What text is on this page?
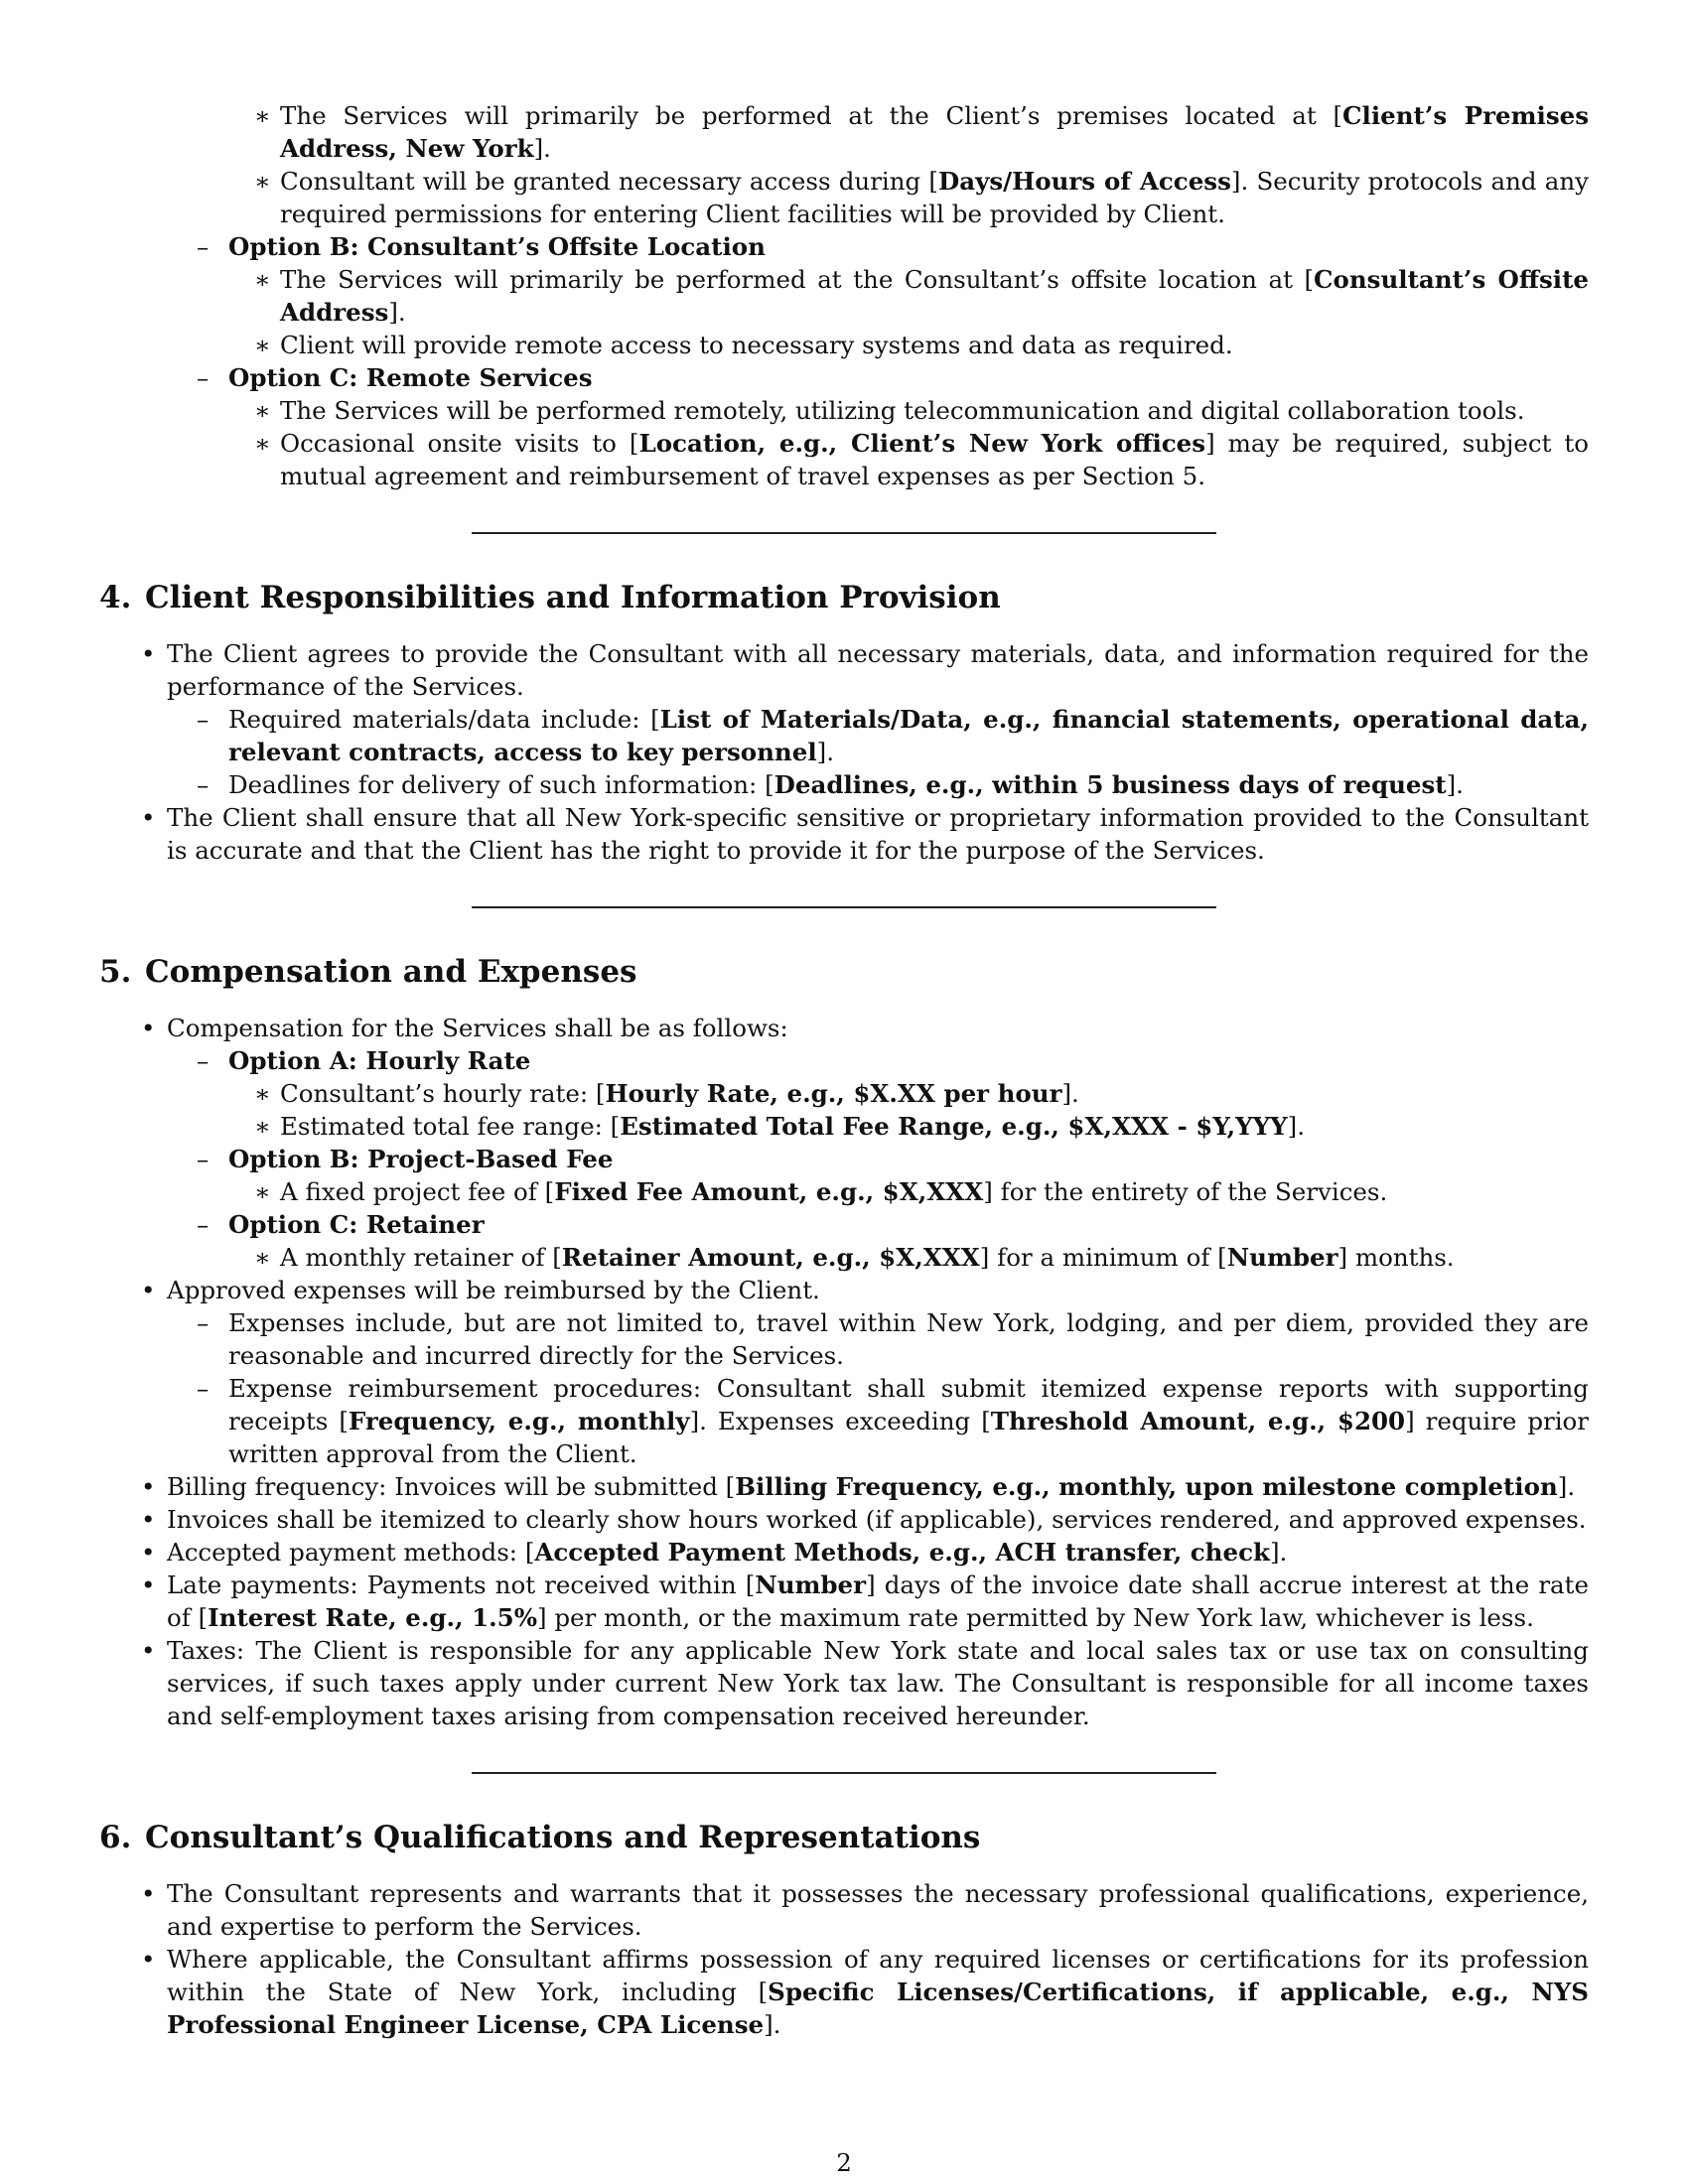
∗ The Services will primarily be performed at the Client’s premises located at [Client’s Premises Address, New York].
∗ Consultant will be granted necessary access during [Days/Hours of Access]. Security protocols and any required permissions for entering Client facilities will be provided by Client.
– Option B: Consultant’s Offsite Location
∗ The Services will primarily be performed at the Consultant’s offsite location at [Consultant’s Offsite Address].
∗ Client will provide remote access to necessary systems and data as required.
– Option C: Remote Services
∗ The Services will be performed remotely, utilizing telecommunication and digital collaboration tools.
∗ Occasional onsite visits to [Location, e.g., Client’s New York offices] may be required, subject to mutual agreement and reimbursement of travel expenses as per Section 5.
4. Client Responsibilities and Information Provision
• The Client agrees to provide the Consultant with all necessary materials, data, and information required for the performance of the Services.
– Required materials/data include: [List of Materials/Data, e.g., financial statements, operational data, relevant contracts, access to key personnel].
– Deadlines for delivery of such information: [Deadlines, e.g., within 5 business days of request].
• The Client shall ensure that all New York-specific sensitive or proprietary information provided to the Consultant is accurate and that the Client has the right to provide it for the purpose of the Services.
5. Compensation and Expenses
• Compensation for the Services shall be as follows:
– Option A: Hourly Rate
∗ Consultant’s hourly rate: [Hourly Rate, e.g., $X.XX per hour].
∗ Estimated total fee range: [Estimated Total Fee Range, e.g., $X,XXX - $Y,YYY].
– Option B: Project-Based Fee
∗ A fixed project fee of [Fixed Fee Amount, e.g., $X,XXX] for the entirety of the Services.
– Option C: Retainer
∗ A monthly retainer of [Retainer Amount, e.g., $X,XXX] for a minimum of [Number] months.
• Approved expenses will be reimbursed by the Client.
– Expenses include, but are not limited to, travel within New York, lodging, and per diem, provided they are reasonable and incurred directly for the Services.
– Expense reimbursement procedures: Consultant shall submit itemized expense reports with supporting receipts [Frequency, e.g., monthly]. Expenses exceeding [Threshold Amount, e.g., $200] require prior written approval from the Client.
• Billing frequency: Invoices will be submitted [Billing Frequency, e.g., monthly, upon milestone completion].
• Invoices shall be itemized to clearly show hours worked (if applicable), services rendered, and approved expenses.
• Accepted payment methods: [Accepted Payment Methods, e.g., ACH transfer, check].
• Late payments: Payments not received within [Number] days of the invoice date shall accrue interest at the rate of [Interest Rate, e.g., 1.5%] per month, or the maximum rate permitted by New York law, whichever is less.
• Taxes: The Client is responsible for any applicable New York state and local sales tax or use tax on consulting services, if such taxes apply under current New York tax law. The Consultant is responsible for all income taxes and self-employment taxes arising from compensation received hereunder.
6. Consultant’s Qualifications and Representations
• The Consultant represents and warrants that it possesses the necessary professional qualifications, experience, and expertise to perform the Services.
• Where applicable, the Consultant affirms possession of any required licenses or certifications for its profession within the State of New York, including [Specific Licenses/Certifications, if applicable, e.g., NYS Professional Engineer License, CPA License].
2
